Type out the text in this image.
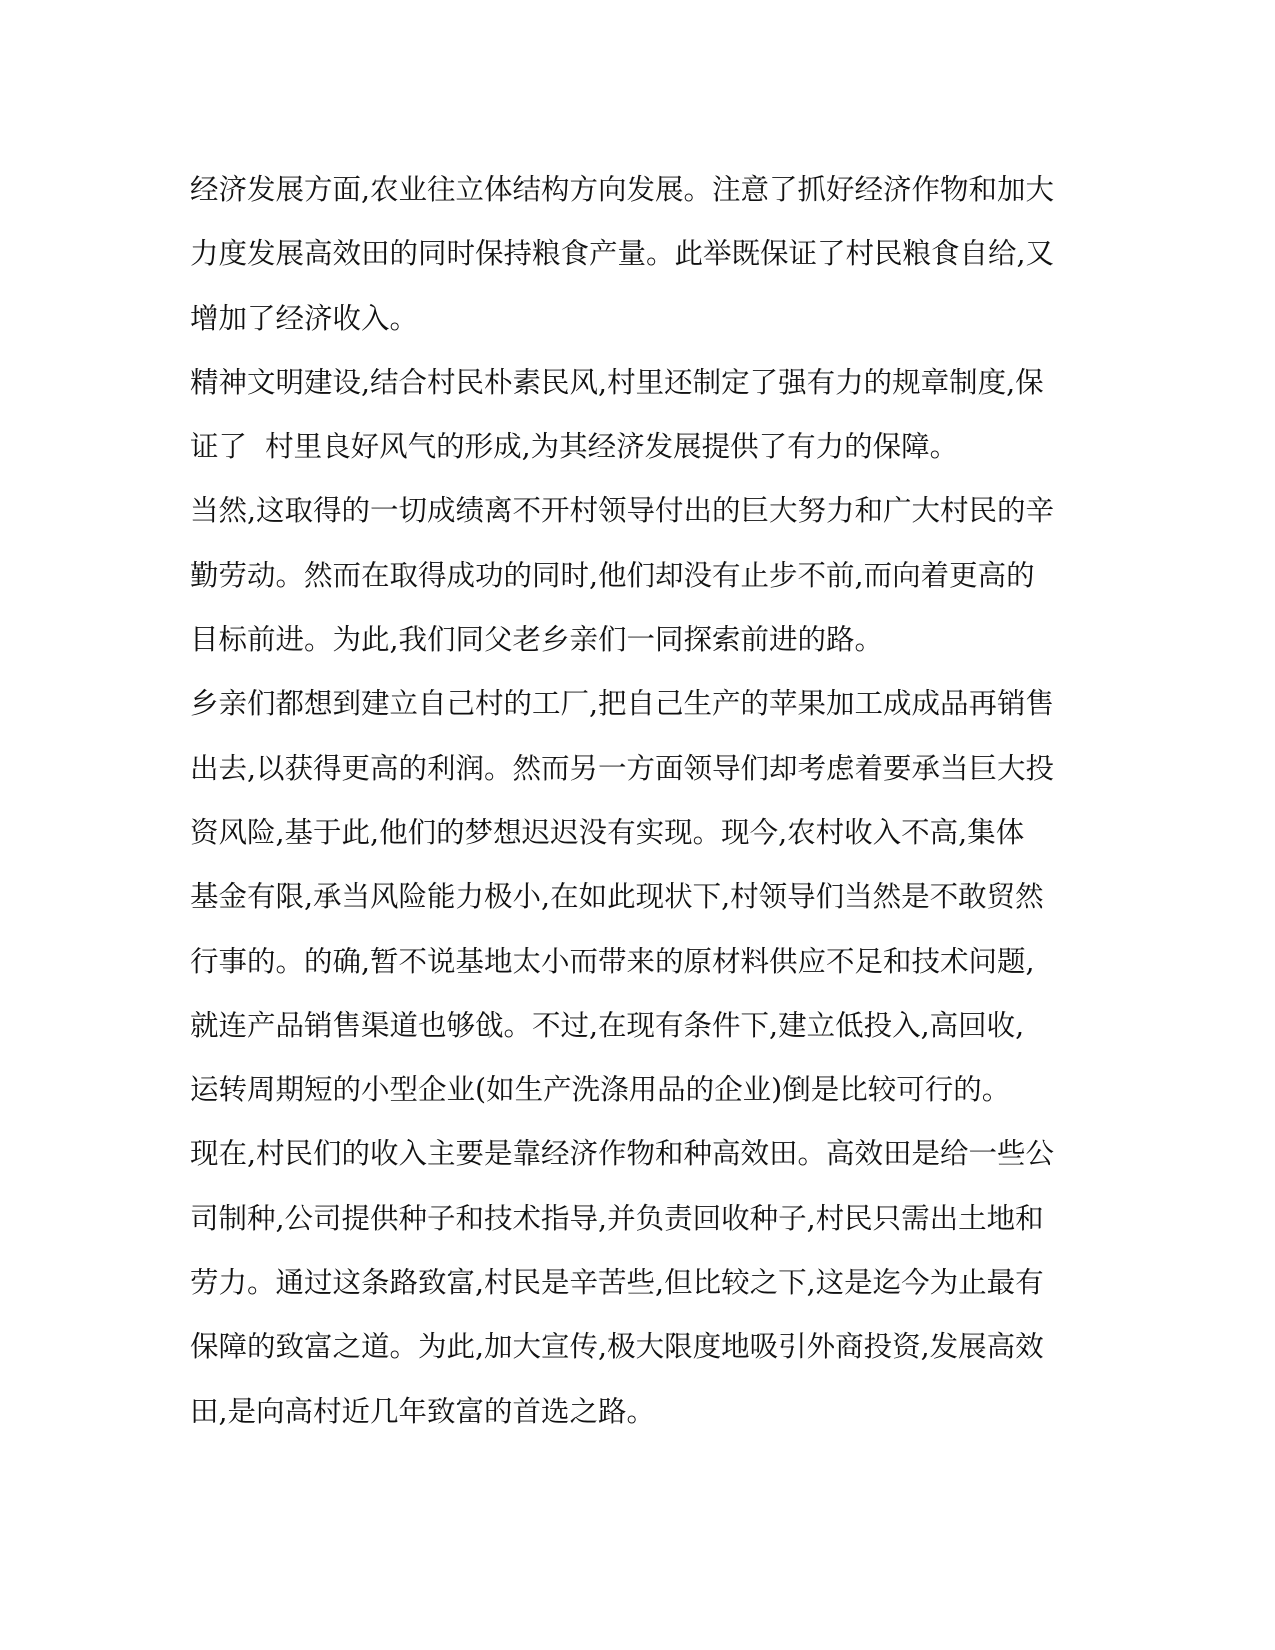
经济发展方面,农业往立体结构方向发展。注意了抓好经济作物和加大
力度发展高效田的同时保持粮食产量。此举既保证了村民粮食自给,又
增加了经济收入。
精神文明建设,结合村民朴素民风,村里还制定了强有力的规章制度,保
证了  村里良好风气的形成,为其经济发展提供了有力的保障。
当然,这取得的一切成绩离不开村领导付出的巨大努力和广大村民的辛
勤劳动。然而在取得成功的同时,他们却没有止步不前,而向着更高的
目标前进。为此,我们同父老乡亲们一同探索前进的路。
乡亲们都想到建立自己村的工厂,把自己生产的苹果加工成成品再销售
出去,以获得更高的利润。然而另一方面领导们却考虑着要承当巨大投
资风险,基于此,他们的梦想迟迟没有实现。现今,农村收入不高,集体
基金有限,承当风险能力极小,在如此现状下,村领导们当然是不敢贸然
行事的。的确,暂不说基地太小而带来的原材料供应不足和技术问题,
就连产品销售渠道也够戗。不过,在现有条件下,建立低投入,高回收,
运转周期短的小型企业(如生产洗涤用品的企业)倒是比较可行的。
现在,村民们的收入主要是靠经济作物和种高效田。高效田是给一些公
司制种,公司提供种子和技术指导,并负责回收种子,村民只需出土地和
劳力。通过这条路致富,村民是辛苦些,但比较之下,这是迄今为止最有
保障的致富之道。为此,加大宣传,极大限度地吸引外商投资,发展高效
田,是向高村近几年致富的首选之路。
